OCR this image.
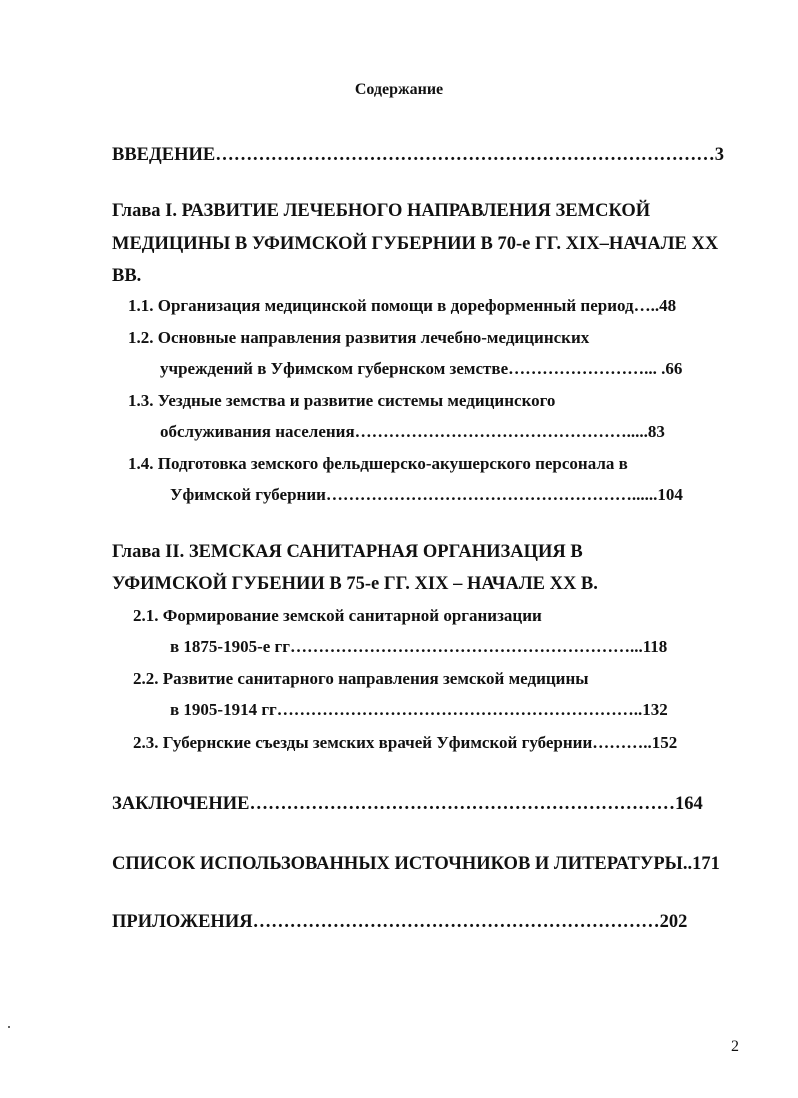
Содержание
ВВЕДЕНИЕ………………………………………………………………………3
Глава I. РАЗВИТИЕ ЛЕЧЕБНОГО НАПРАВЛЕНИЯ ЗЕМСКОЙ
МЕДИЦИНЫ В УФИМСКОЙ ГУБЕРНИИ В 70-е ГГ. XIX–НАЧАЛЕ XX
ВВ.
1.1. Организация медицинской помощи в дореформенный период…..48
1.2. Основные направления развития лечебно-медицинских
учреждений в Уфимском губернском земстве……………………... .66
1.3. Уездные земства и развитие системы медицинского
обслуживания населения………………………………………….....83
1.4. Подготовка земского фельдшерско-акушерского персонала в
Уфимской губернии………………………………………………......104
Глава II. ЗЕМСКАЯ САНИТАРНАЯ ОРГАНИЗАЦИЯ В
УФИМСКОЙ ГУБЕНИИ В 75-е ГГ. XIX – НАЧАЛЕ XX В.
2.1. Формирование земской санитарной организации
в 1875-1905-е гг……………………………………………………...118
2.2. Развитие санитарного направления земской медицины
в 1905-1914 гг………………………………………………………..132
2.3. Губернские съезды земских врачей Уфимской губернии………..152
ЗАКЛЮЧЕНИЕ……………………………………………………………164
СПИСОК ИСПОЛЬЗОВАННЫХ ИСТОЧНИКОВ И ЛИТЕРАТУРЫ..171
ПРИЛОЖЕНИЯ…………………………………………………………202
2
